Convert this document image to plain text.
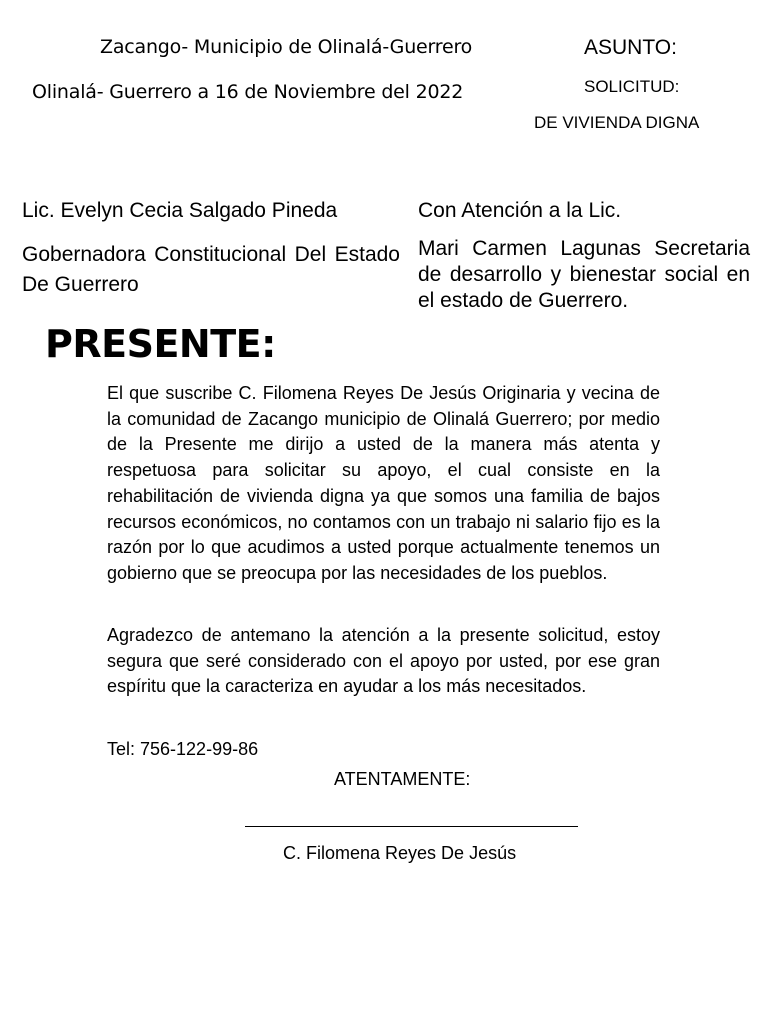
Zacango- Municipio de Olinalá-Guerrero
Olinalá- Guerrero a 16 de Noviembre del 2022
ASUNTO:
SOLICITUD:
DE VIVIENDA DIGNA
Lic. Evelyn Cecia Salgado Pineda
Gobernadora Constitucional Del Estado De Guerrero
Con Atención a la Lic.
Mari Carmen Lagunas Secretaria de desarrollo y bienestar social en el estado de Guerrero.
PRESENTE:
El que suscribe C. Filomena Reyes De Jesús Originaria y vecina de la comunidad de Zacango municipio de Olinalá Guerrero; por medio de la Presente me dirijo a usted de la manera más atenta y respetuosa para solicitar su apoyo, el cual consiste en la rehabilitación de vivienda digna ya que somos una familia de bajos recursos económicos, no contamos con un trabajo ni salario fijo es la razón por lo que acudimos a usted porque actualmente tenemos un gobierno que se preocupa por las necesidades de los pueblos.
Agradezco de antemano la atención a la presente solicitud, estoy segura que seré considerado con el apoyo por usted, por ese gran espíritu que la caracteriza en ayudar a los más necesitados.
Tel: 756-122-99-86
ATENTAMENTE:
C. Filomena Reyes De Jesús
